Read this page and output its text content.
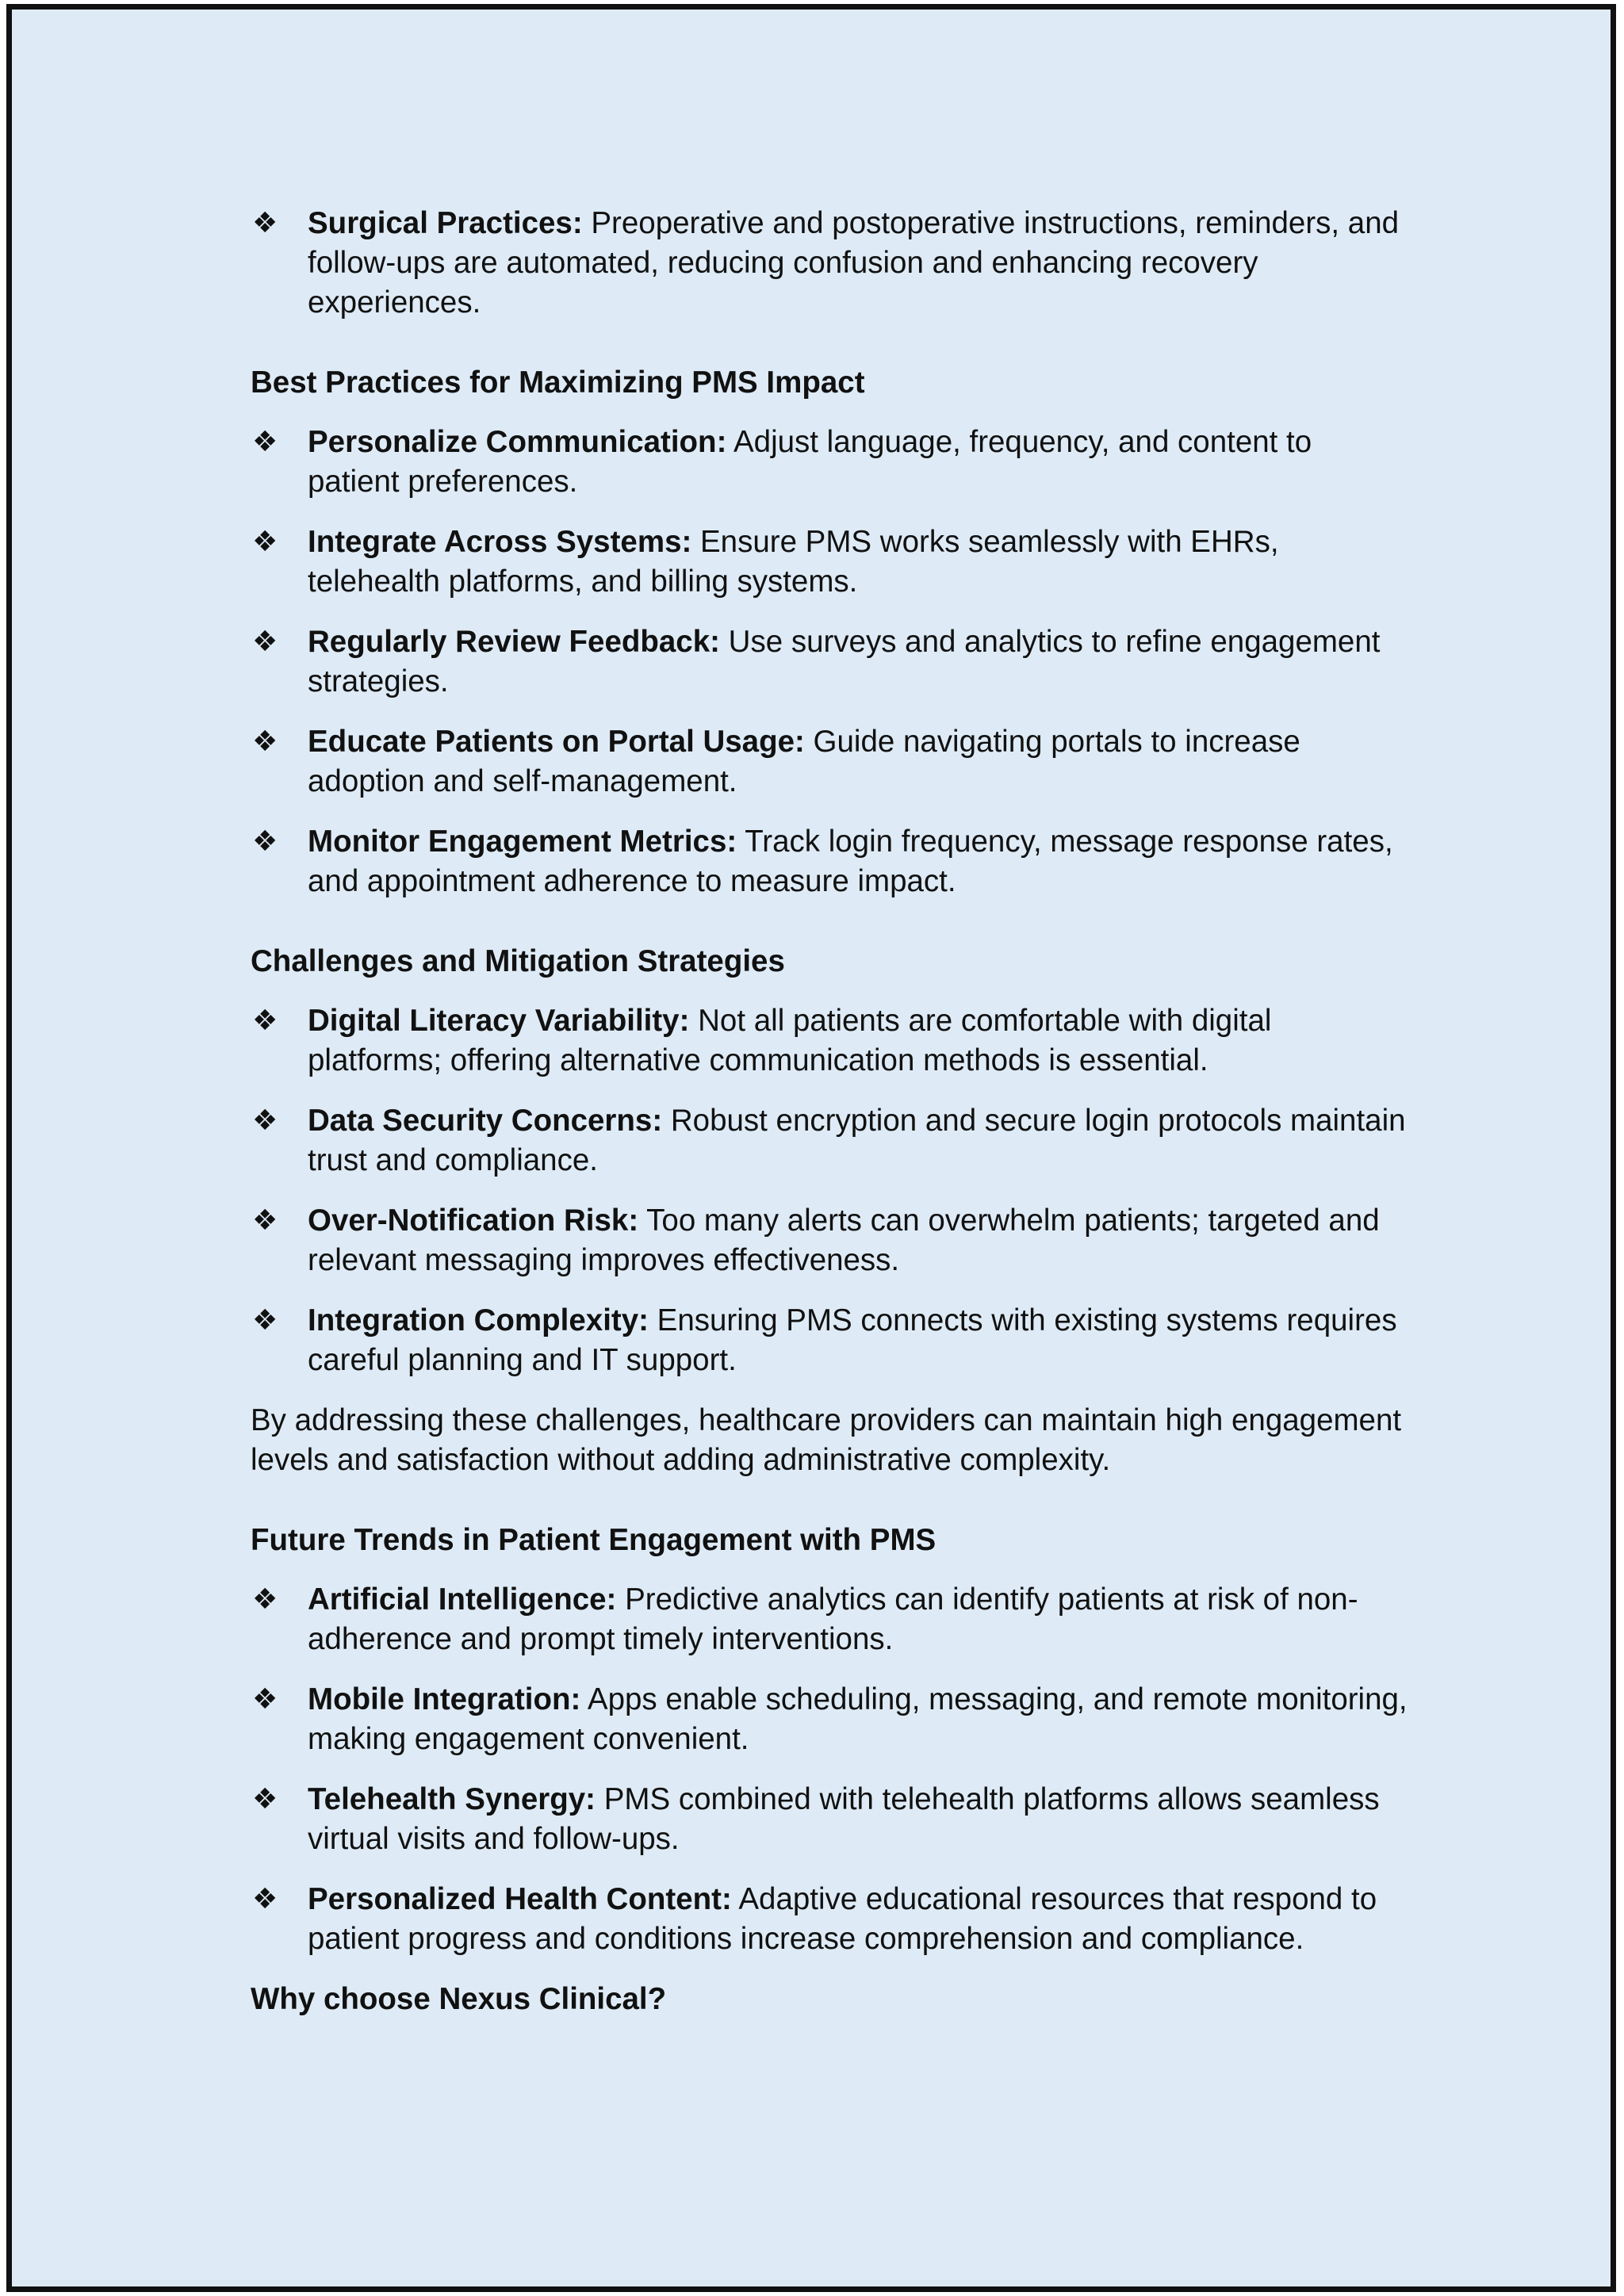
❖ Surgical Practices: Preoperative and postoperative instructions, reminders, and follow-ups are automated, reducing confusion and enhancing recovery experiences.
Best Practices for Maximizing PMS Impact
❖ Personalize Communication: Adjust language, frequency, and content to patient preferences.
❖ Integrate Across Systems: Ensure PMS works seamlessly with EHRs, telehealth platforms, and billing systems.
❖ Regularly Review Feedback: Use surveys and analytics to refine engagement strategies.
❖ Educate Patients on Portal Usage: Guide navigating portals to increase adoption and self-management.
❖ Monitor Engagement Metrics: Track login frequency, message response rates, and appointment adherence to measure impact.
Challenges and Mitigation Strategies
❖ Digital Literacy Variability: Not all patients are comfortable with digital platforms; offering alternative communication methods is essential.
❖ Data Security Concerns: Robust encryption and secure login protocols maintain trust and compliance.
❖ Over-Notification Risk: Too many alerts can overwhelm patients; targeted and relevant messaging improves effectiveness.
❖ Integration Complexity: Ensuring PMS connects with existing systems requires careful planning and IT support.

By addressing these challenges, healthcare providers can maintain high engagement levels and satisfaction without adding administrative complexity.

Future Trends in Patient Engagement with PMS
❖ Artificial Intelligence: Predictive analytics can identify patients at risk of non-adherence and prompt timely interventions.
❖ Mobile Integration: Apps enable scheduling, messaging, and remote monitoring, making engagement convenient.
❖ Telehealth Synergy: PMS combined with telehealth platforms allows seamless virtual visits and follow-ups.
❖ Personalized Health Content: Adaptive educational resources that respond to patient progress and conditions increase comprehension and compliance.
Why choose Nexus Clinical?
